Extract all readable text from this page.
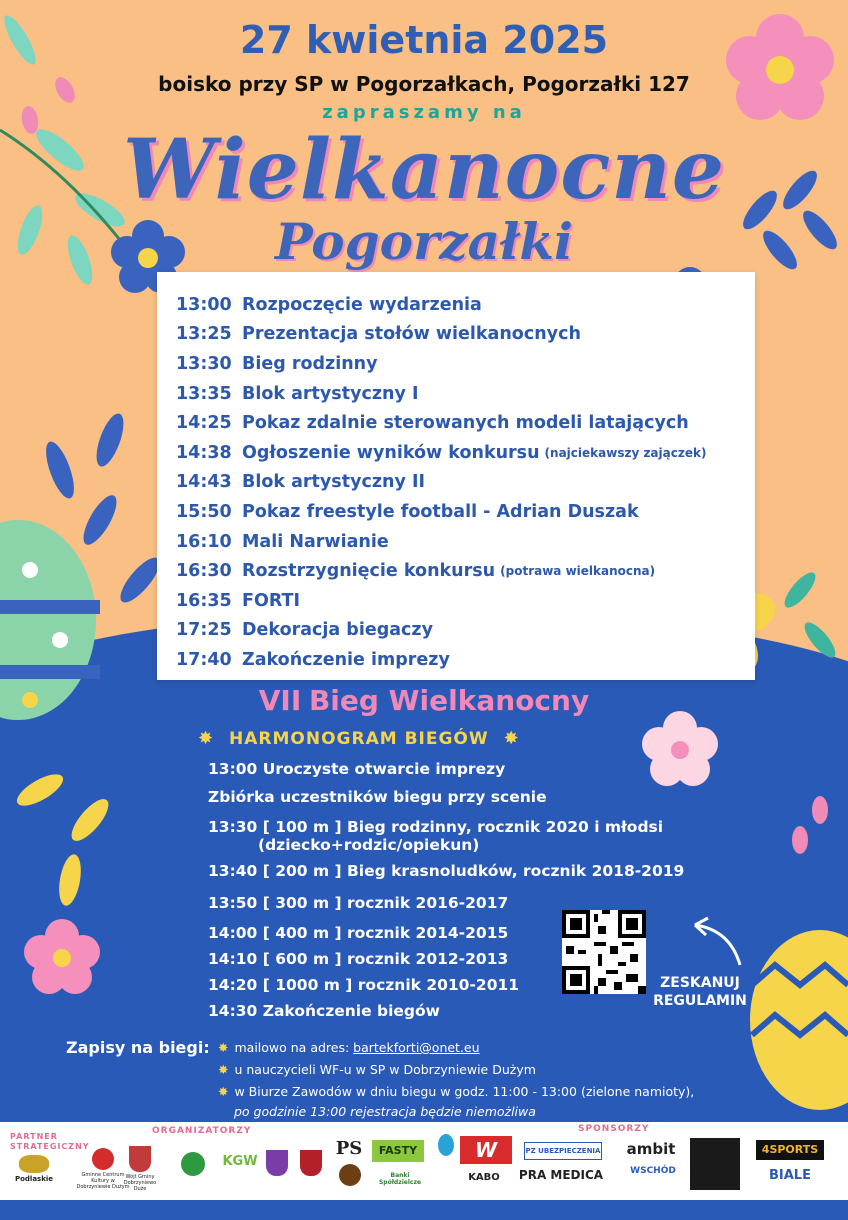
27 kwietnia 2025
boisko przy SP w Pogorzałkach, Pogorzałki 127
zapraszamy na
Wielkanocne
Pogorzałki
13:00 Rozpoczęcie wydarzenia
13:25 Prezentacja stołów wielkanocnych
13:30 Bieg rodzinny
13:35 Blok artystyczny I
14:25 Pokaz zdalnie sterowanych modeli latających
14:38 Ogłoszenie wyników konkursu (najciekawszy zajączek)
14:43 Blok artystyczny II
15:50 Pokaz freestyle football - Adrian Duszak
16:10 Mali Narwianie
16:30 Rozstrzygnięcie konkursu (potrawa wielkanocna)
16:35 FORTI
17:25 Dekoracja biegaczy
17:40 Zakończenie imprezy
VII Bieg Wielkanocny
✸ HARMONOGRAM BIEGÓW ✸
13:00 Uroczyste otwarcie imprezy
Zbiórka uczestników biegu przy scenie
13:30 [ 100 m ] Bieg rodzinny, rocznik 2020 i młodsi
(dziecko+rodzic/opiekun)
13:40 [ 200 m ] Bieg krasnoludków, rocznik 2018-2019
13:50 [ 300 m ] rocznik 2016-2017
14:00 [ 400 m ] rocznik 2014-2015
14:10 [ 600 m ] rocznik 2012-2013
14:20 [ 1000 m ] rocznik 2010-2011
14:30 Zakończenie biegów
ZESKANUJ
REGULAMIN
Zapisy na biegi: ✸ mailowo na adres: bartekforti@onet.eu
✸ u nauczycieli WF-u w SP w Dobrzyniewie Dużym
✸ w Biurze Zawodów w dniu biegu w godz. 11:00 - 13:00 (zielone namioty),
po godzinie 13:00 rejestracja będzie niemożliwa
PARTNER STRATEGICZNY
ORGANIZATORZY	SPONSORZY
Podlaskie	Gminne Centrum Kultury w Dobrzyniewie Dużym
Wójt Gminy Dobrzyniewo Duże
KGW
PS	FASTY
Banki Spółdzielcze
W
KABO
PZ UBEZPIECZENIA
PRA MEDICA
ambit
WSCHÓD
4SPORTS
BIALE
